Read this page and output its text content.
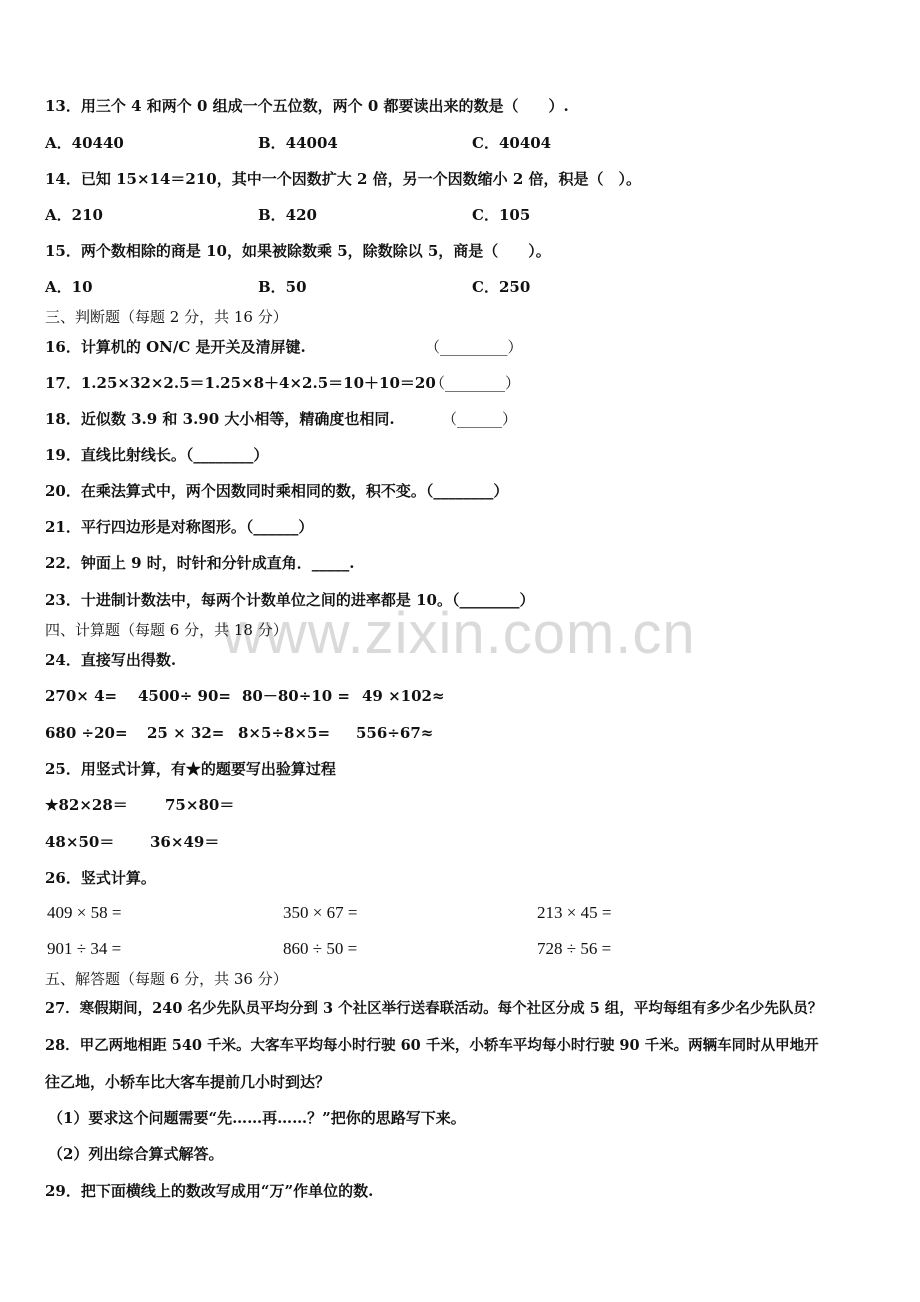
www.zixin.com.cn
13．用三个 4 和两个 0 组成一个五位数，两个 0 都要读出来的数是（　　）.
A．40440	B．44004	C．40404
14．已知 15×14＝210，其中一个因数扩大 2 倍，另一个因数缩小 2 倍，积是（　）。
A．210	B．420	C．105
15．两个数相除的商是 10，如果被除数乘 5，除数除以 5，商是（　　）。
A．10	B．50	C．250
三、判断题（每题 2 分，共 16 分）
16．计算机的 ON/C 是开关及清屏键.	（_________）
17．1.25×32×2.5＝1.25×8＋4×2.5＝10＋10＝20
（________）
18．近似数 3.9 和 3.90 大小相等，精确度也相同.	（______）
19．直线比射线长。（________）
20．在乘法算式中，两个因数同时乘相同的数，积不变。（________）
21．平行四边形是对称图形。（______）
22．钟面上 9 时，时针和分针成直角．_____.
23．十进制计数法中，每两个计数单位之间的进率都是 10。（________）
四、计算题（每题 6 分，共 18 分）
24．直接写出得数.
270× 4= 4500÷ 90= 80－80÷10 = 49 ×102≈
680 ÷20= 25 × 32= 8×5÷8×5= 556÷67≈
25．用竖式计算，有★的题要写出验算过程
★82×28＝ 75×80＝
48×50＝ 36×49＝
26．竖式计算。
409 × 58 =	350 × 67 =	213 × 45 =
901 ÷ 34 =	860 ÷ 50 =	728 ÷ 56 =
五、解答题（每题 6 分，共 36 分）
27．寒假期间，240 名少先队员平均分到 3 个社区举行送春联活动。每个社区分成 5 组，平均每组有多少名少先队员？
28．甲乙两地相距 540 千米。大客车平均每小时行驶 60 千米，小轿车平均每小时行驶 90 千米。两辆车同时从甲地开
往乙地，小轿车比大客车提前几小时到达？
（1）要求这个问题需要“先……再……？”把你的思路写下来。
（2）列出综合算式解答。
29．把下面横线上的数改写成用“万”作单位的数.
